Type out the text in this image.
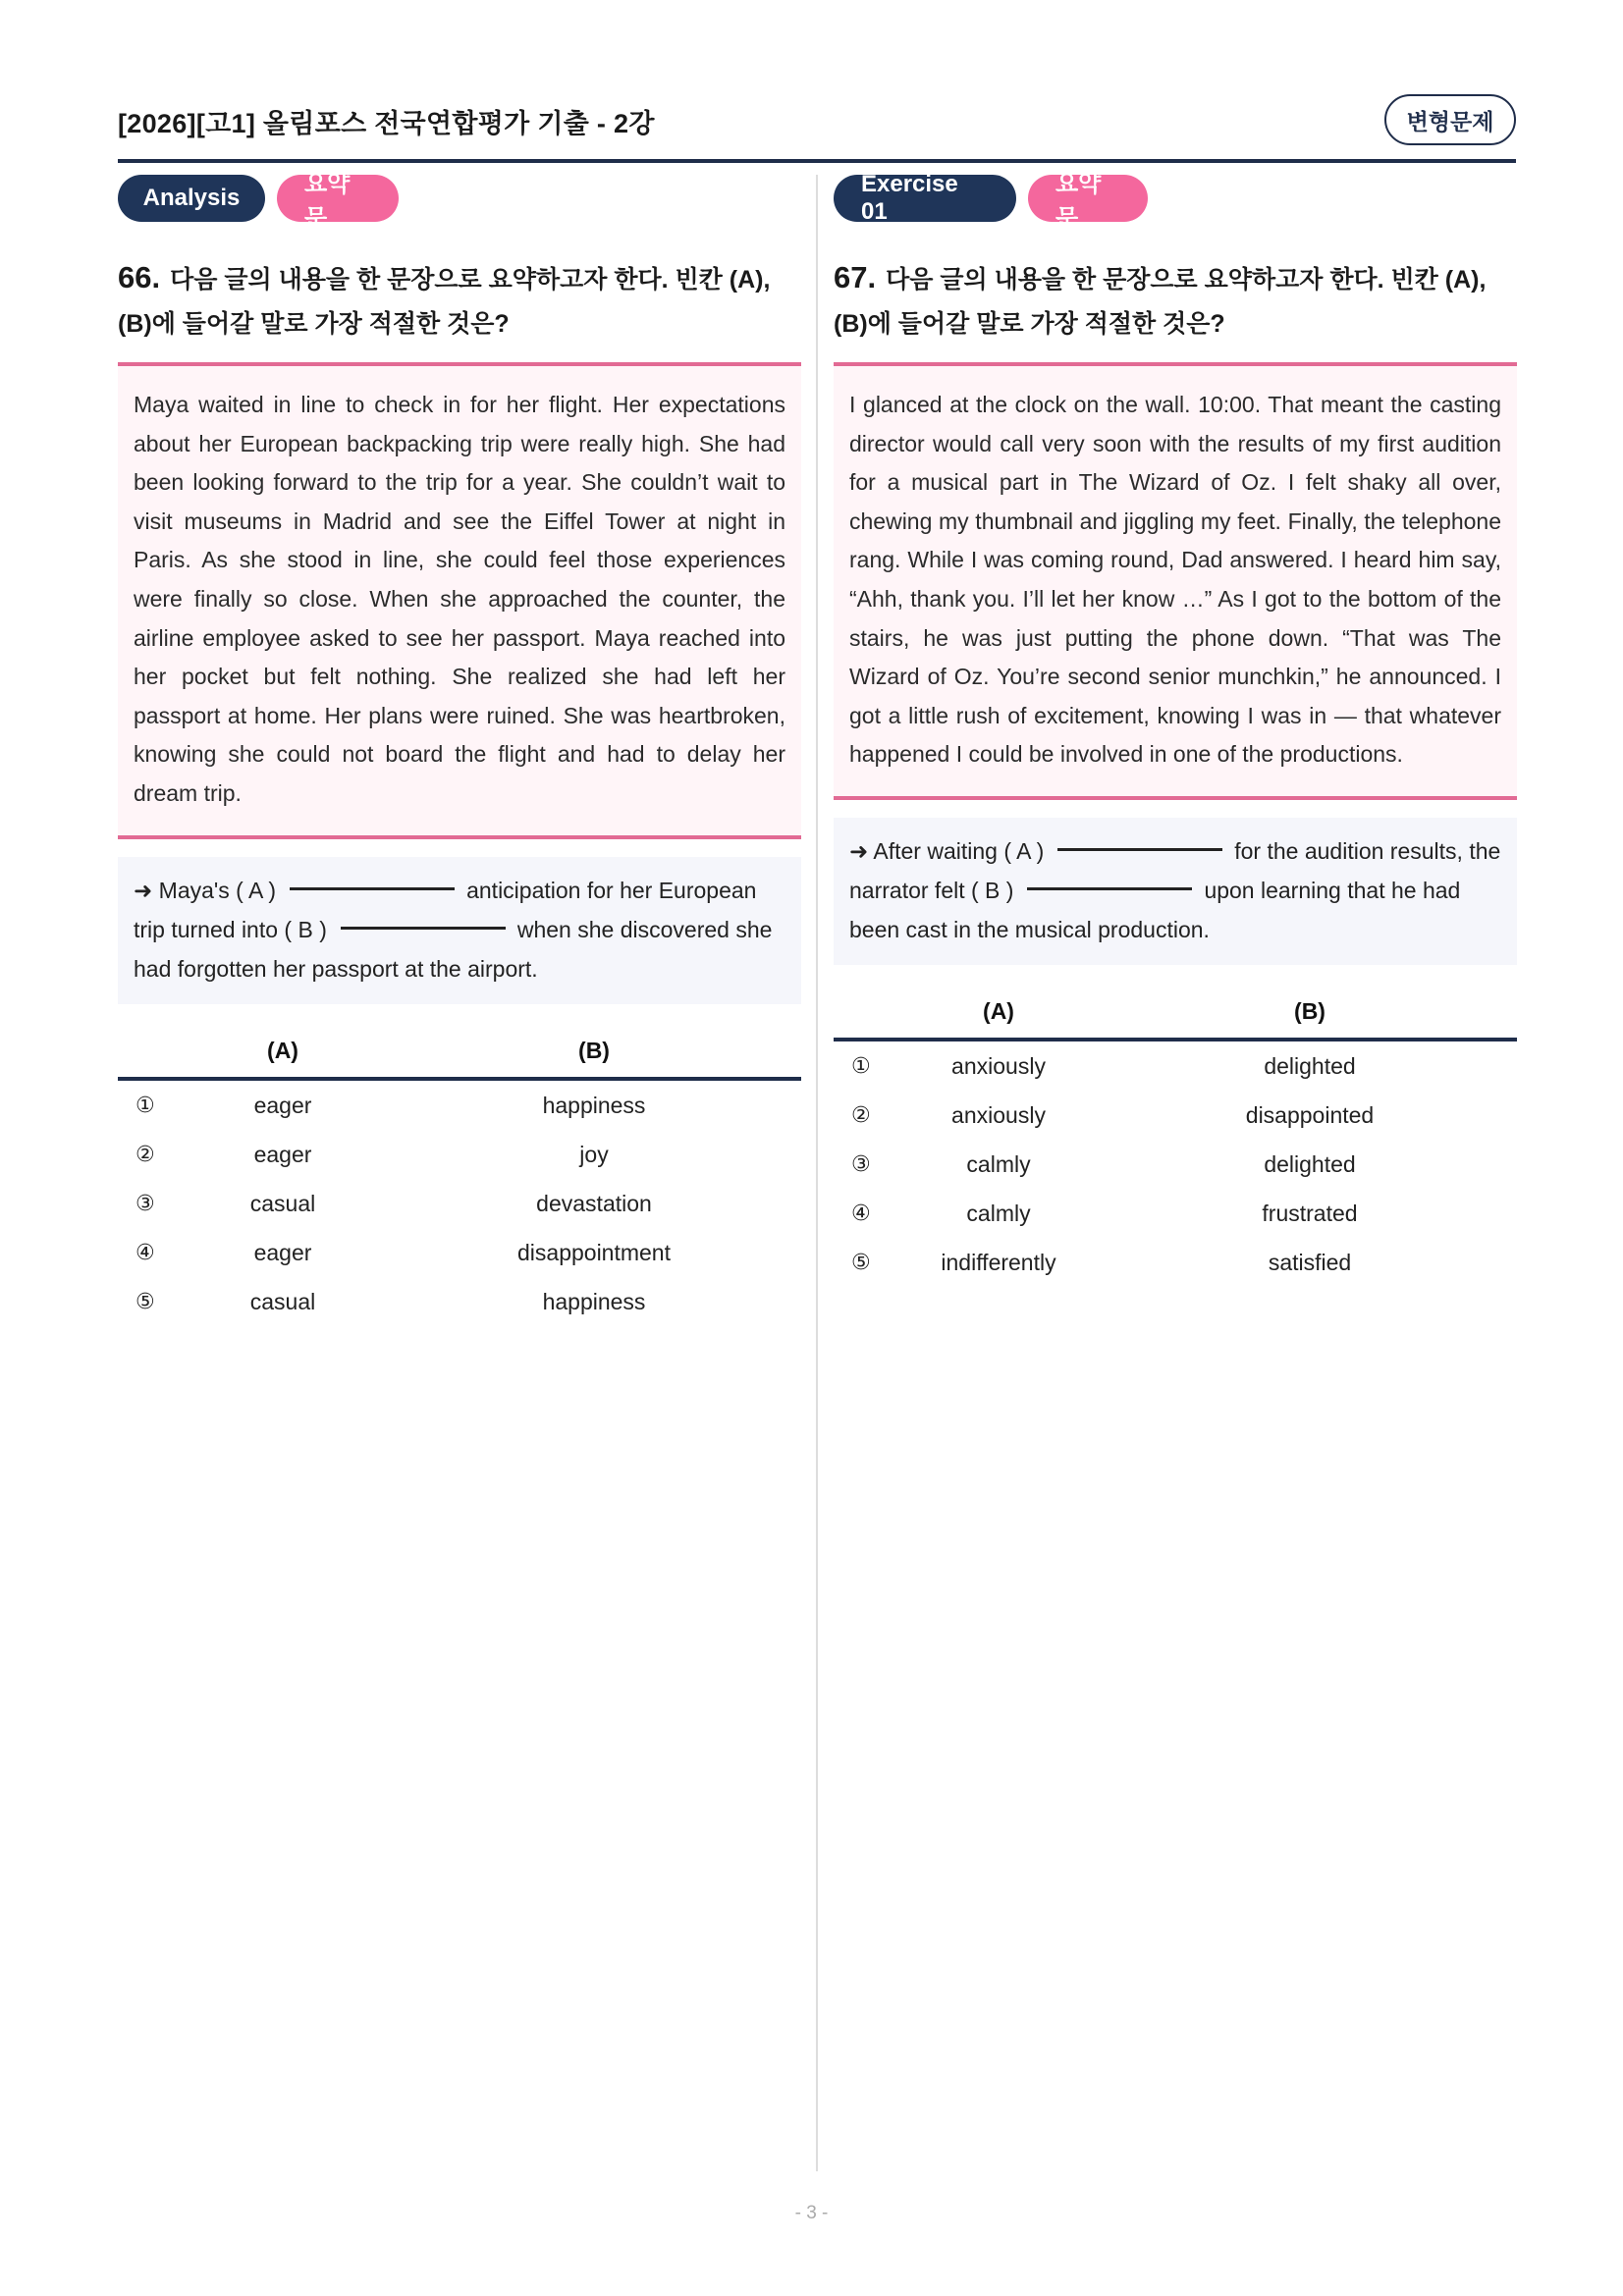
[2026][고1] 올림포스 전국연합평가 기출 - 2강	변형문제
Analysis
요약문
66. 다음 글의 내용을 한 문장으로 요약하고자 한다. 빈칸 (A), (B)에 들어갈 말로 가장 적절한 것은?
Maya waited in line to check in for her flight. Her expectations about her European backpacking trip were really high. She had been looking forward to the trip for a year. She couldn’t wait to visit museums in Madrid and see the Eiffel Tower at night in Paris. As she stood in line, she could feel those experiences were finally so close. When she approached the counter, the airline employee asked to see her passport. Maya reached into her pocket but felt nothing. She realized she had left her passport at home. Her plans were ruined. She was heartbroken, knowing she could not board the flight and had to delay her dream trip.
➜ Maya's ( A )	anticipation for her European trip turned into ( B )	when she discovered she had forgotten her passport at the airport.
(A)	(B)
①	eager	happiness
②	eager	joy
③	casual	devastation
④	eager	disappointment
⑤	casual	happiness
Exercise 01
요약문
67. 다음 글의 내용을 한 문장으로 요약하고자 한다. 빈칸 (A), (B)에 들어갈 말로 가장 적절한 것은?
I glanced at the clock on the wall. 10:00. That meant the casting director would call very soon with the results of my first audition for a musical part in The Wizard of Oz. I felt shaky all over, chewing my thumbnail and jiggling my feet. Finally, the telephone rang. While I was coming round, Dad answered. I heard him say, “Ahh, thank you. I’ll let her know …” As I got to the bottom of the stairs, he was just putting the phone down. “That was The Wizard of Oz. You’re second senior munchkin,” he announced. I got a little rush of excitement, knowing I was in — that whatever happened I could be involved in one of the productions.
➜ After waiting ( A )	for the audition results, the narrator felt ( B )	upon learning that he had been cast in the musical production.
(A)	(B)
①	anxiously	delighted
②	anxiously	disappointed
③	calmly	delighted
④	calmly	frustrated
⑤	indifferently	satisfied
- 3 -
